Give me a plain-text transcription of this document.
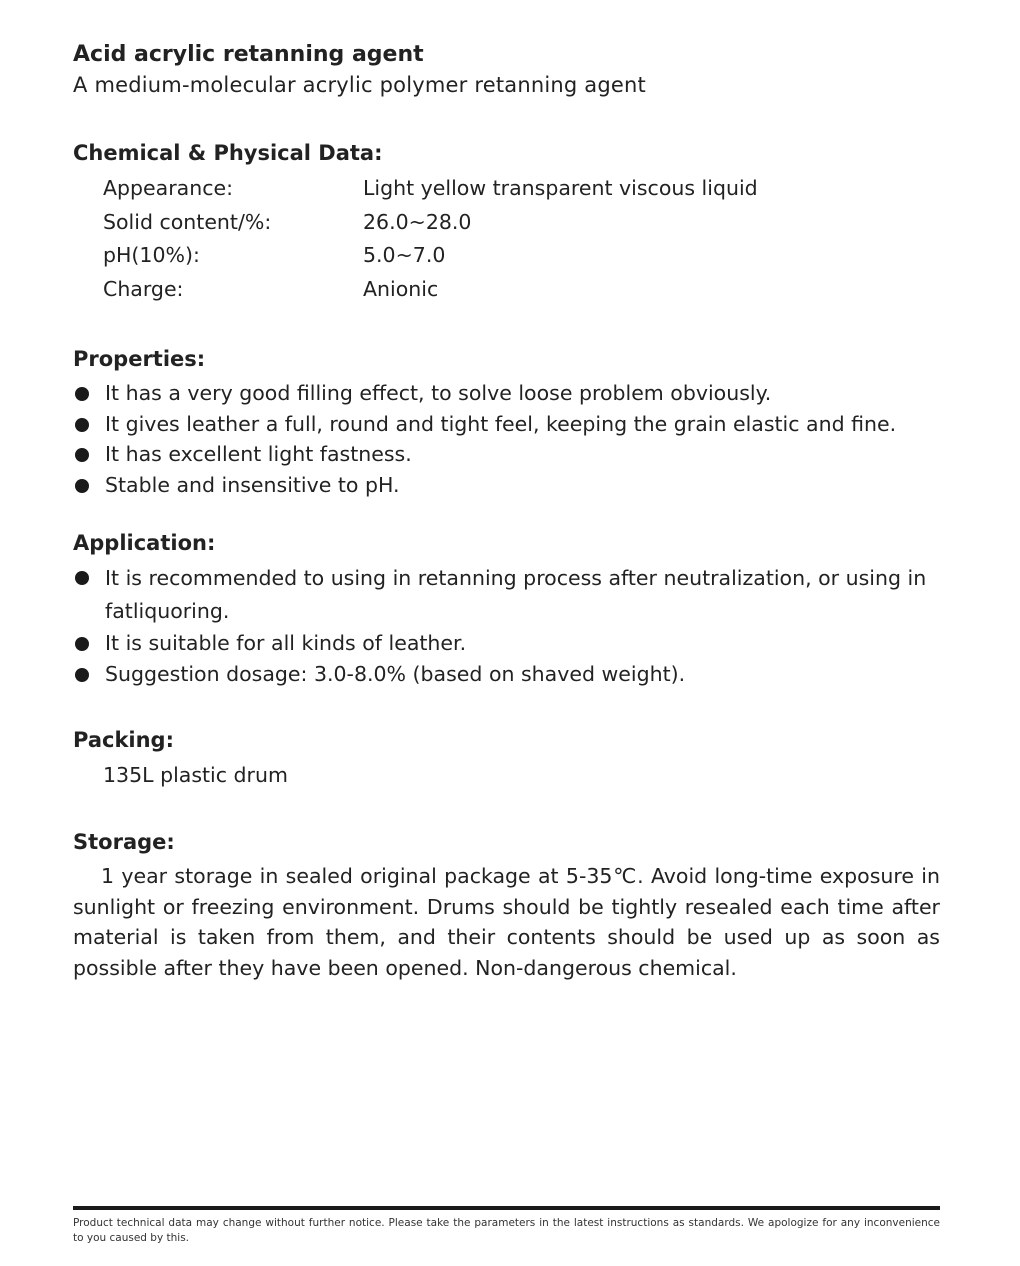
Acid acrylic retanning agent

A medium-molecular acrylic polymer retanning agent

Chemical & Physical Data:
Appearance:	Light yellow transparent viscous liquid
Solid content/%:	26.0~28.0
pH(10%):	5.0~7.0
Charge:	Anionic
Properties:
It has a very good filling effect, to solve loose problem obviously.
It gives leather a full, round and tight feel, keeping the grain elastic and fine.
It has excellent light fastness.
Stable and insensitive to pH.
Application:
It is recommended to using in retanning process after neutralization, or using in fatliquoring.
It is suitable for all kinds of leather.
Suggestion dosage: 3.0-8.0% (based on shaved weight).
Packing:
135L plastic drum
Storage:

1 year storage in sealed original package at 5-35℃. Avoid long-time exposure in sunlight or freezing environment. Drums should be tightly resealed each time after material is taken from them, and their contents should be used up as soon as possible after they have been opened. Non-dangerous chemical.

Product technical data may change without further notice. Please take the parameters in the latest instructions as standards. We apologize for any inconvenience to you caused by this.
